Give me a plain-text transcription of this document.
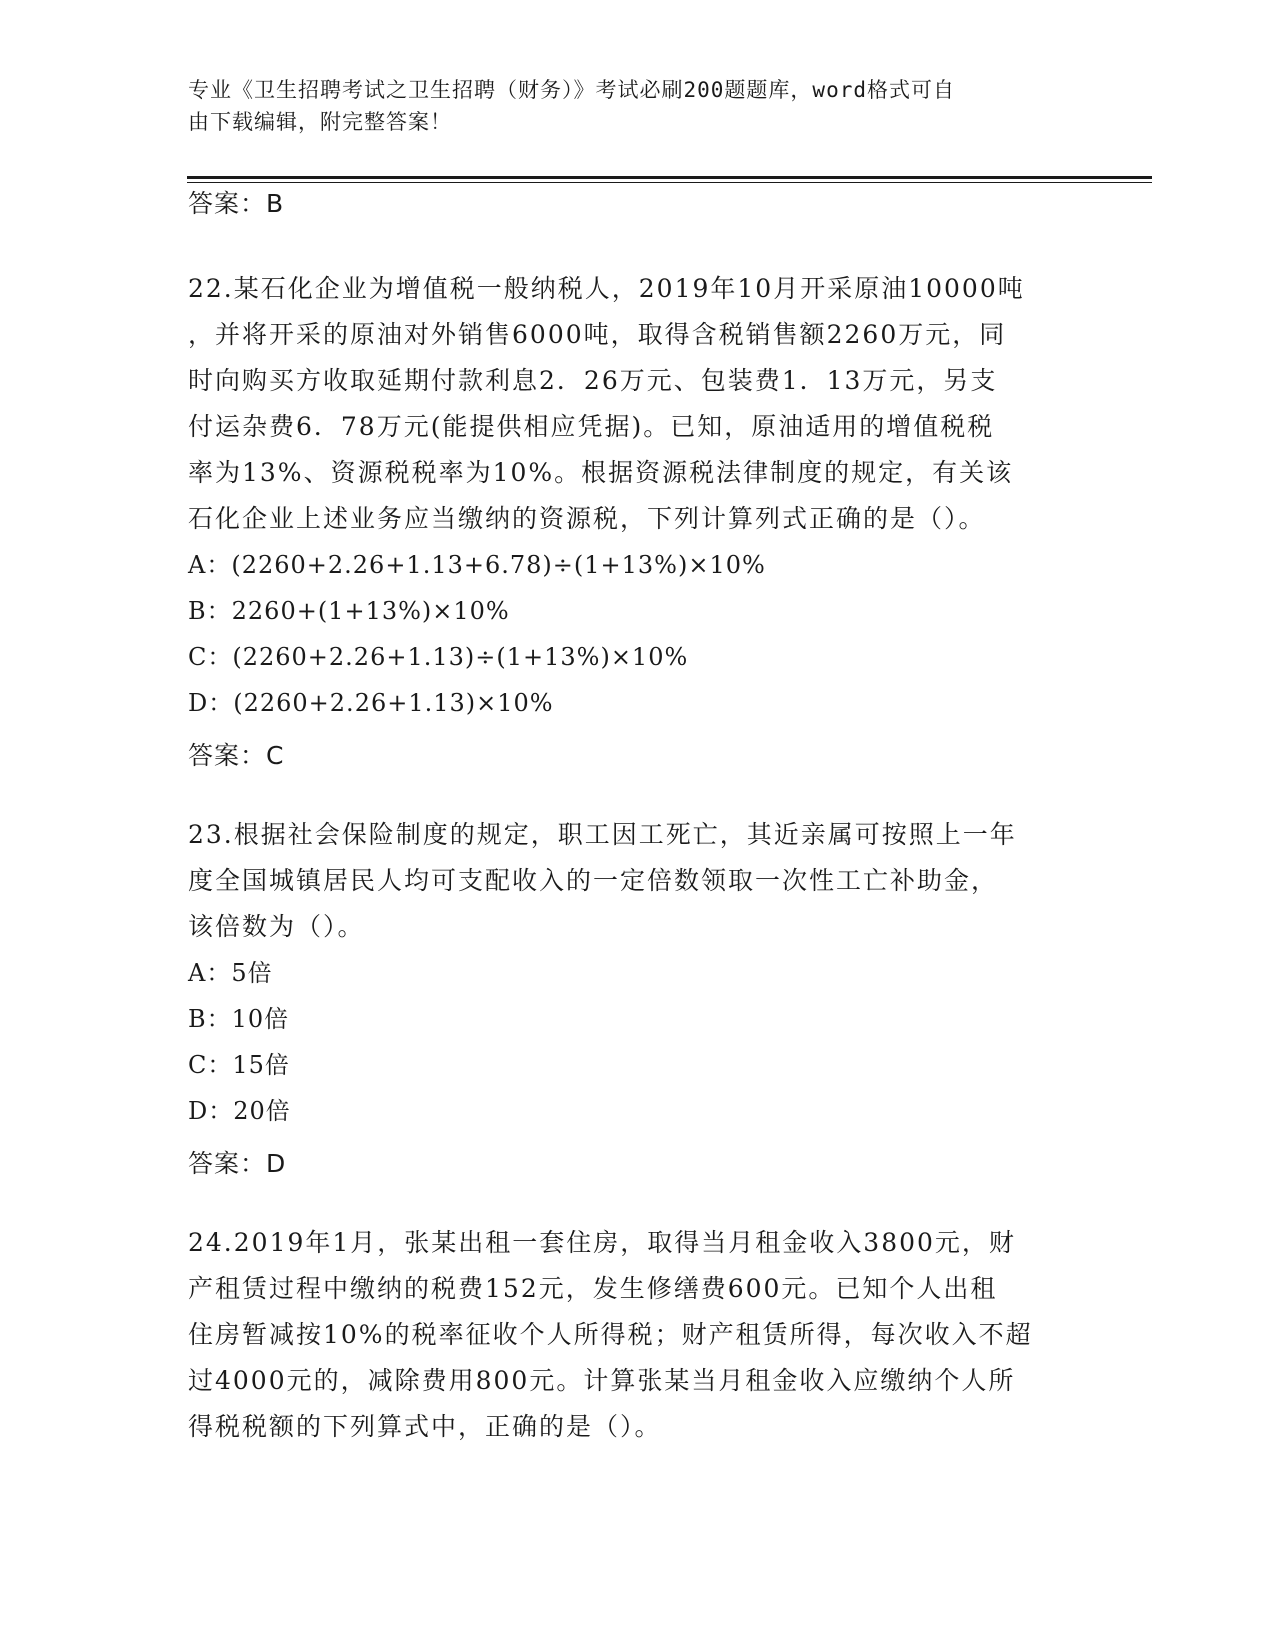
专业《卫生招聘考试之卫生招聘（财务）》考试必刷200题题库，word格式可自
由下载编辑，附完整答案！
答案：B
22.某石化企业为增值税一般纳税人，2019年10月开采原油10000吨
，并将开采的原油对外销售6000吨，取得含税销售额2260万元，同
时向购买方收取延期付款利息2．26万元、包装费1．13万元，另支
付运杂费6．78万元(能提供相应凭据)。已知，原油适用的增值税税
率为13%、资源税税率为10%。根据资源税法律制度的规定，有关该
石化企业上述业务应当缴纳的资源税，下列计算列式正确的是（）。
A：(2260+2.26+1.13+6.78)÷(1+13%)×10%
B：2260+(1+13%)×10%
C：(2260+2.26+1.13)÷(1+13%)×10%
D：(2260+2.26+1.13)×10%
答案：C
23.根据社会保险制度的规定，职工因工死亡，其近亲属可按照上一年
度全国城镇居民人均可支配收入的一定倍数领取一次性工亡补助金，
该倍数为（）。
A：5倍
B：10倍
C：15倍
D：20倍
答案：D
24.2019年1月，张某出租一套住房，取得当月租金收入3800元，财
产租赁过程中缴纳的税费152元，发生修缮费600元。已知个人出租
住房暂减按10%的税率征收个人所得税；财产租赁所得，每次收入不超
过4000元的，减除费用800元。计算张某当月租金收入应缴纳个人所
得税税额的下列算式中，正确的是（）。
